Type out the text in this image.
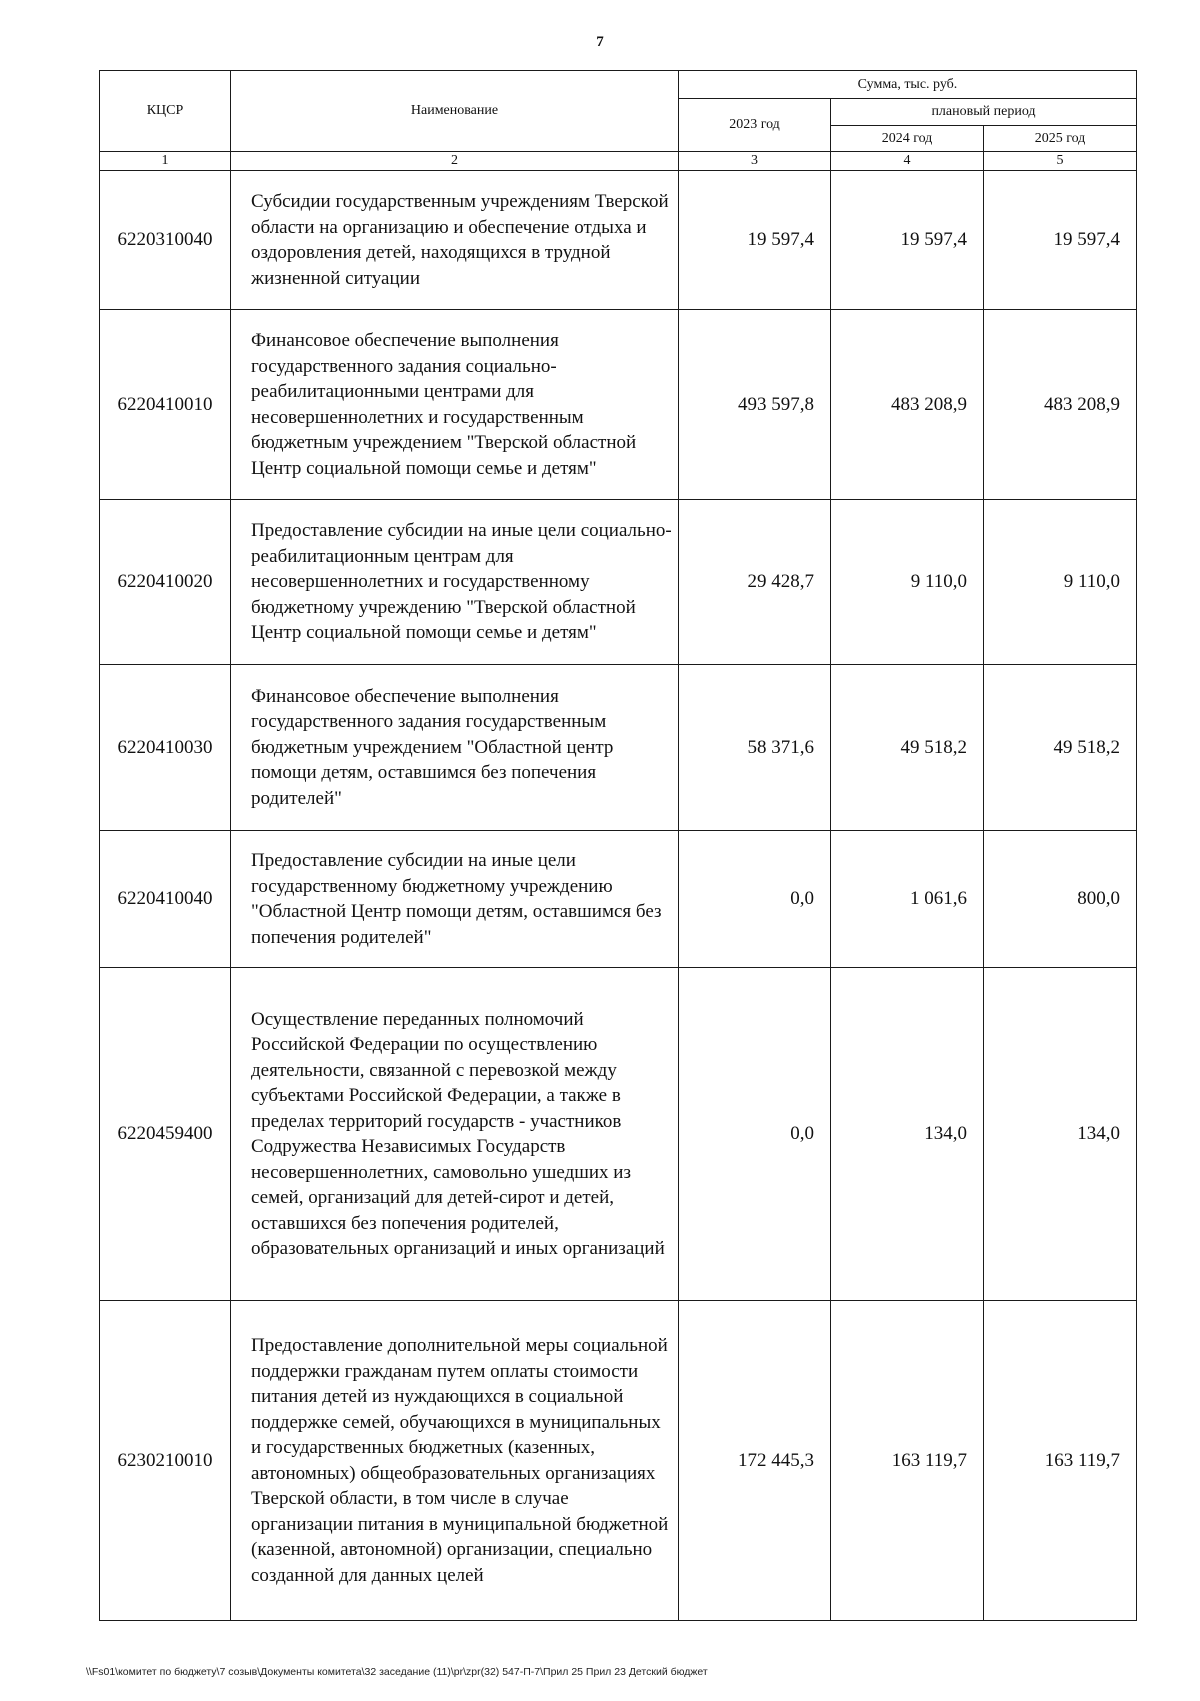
7
КЦСР	Наименование	Сумма, тыс. руб.		
		2023 год	плановый период	
			2024 год	2025 год
1	2	3	4	5
6220310040	Субсидии государственным учреждениям Тверской области на организацию и обеспечение отдыха и оздоровления детей, находящихся в трудной жизненной ситуации	19 597,4	19 597,4	19 597,4
6220410010	Финансовое обеспечение выполнения государственного задания социально-реабилитационными центрами для несовершеннолетних и государственным бюджетным учреждением "Тверской областной Центр социальной помощи семье и детям"	493 597,8	483 208,9	483 208,9
6220410020	Предоставление субсидии на иные цели социально-реабилитационным центрам для несовершеннолетних и государственному бюджетному учреждению "Тверской областной Центр социальной помощи семье и детям"	29 428,7	9 110,0	9 110,0
6220410030	Финансовое обеспечение выполнения государственного задания государственным бюджетным учреждением "Областной центр помощи детям, оставшимся без попечения родителей"	58 371,6	49 518,2	49 518,2
6220410040	Предоставление субсидии на иные цели государственному бюджетному учреждению "Областной Центр помощи детям, оставшимся без попечения родителей"	0,0	1 061,6	800,0
6220459400	Осуществление переданных полномочий Российской Федерации по осуществлению деятельности, связанной с перевозкой между субъектами Российской Федерации, а также в пределах территорий государств - участников Содружества Независимых Государств несовершеннолетних, самовольно ушедших из семей, организаций для детей-сирот и детей, оставшихся без попечения родителей, образовательных организаций и иных организаций	0,0	134,0	134,0
6230210010	Предоставление дополнительной меры социальной поддержки гражданам путем оплаты стоимости питания детей из нуждающихся в социальной поддержке семей, обучающихся в муниципальных и государственных бюджетных (казенных, автономных) общеобразовательных организациях Тверской области, в том числе в случае организации питания в муниципальной бюджетной (казенной, автономной) организации, специально созданной для данных целей	172 445,3	163 119,7	163 119,7
\\Fs01\комитет по бюджету\7 созыв\Документы комитета\32 заседание (11)\pr\zpr(32) 547-П-7\Прил 25 Прил 23 Детский бюджет
